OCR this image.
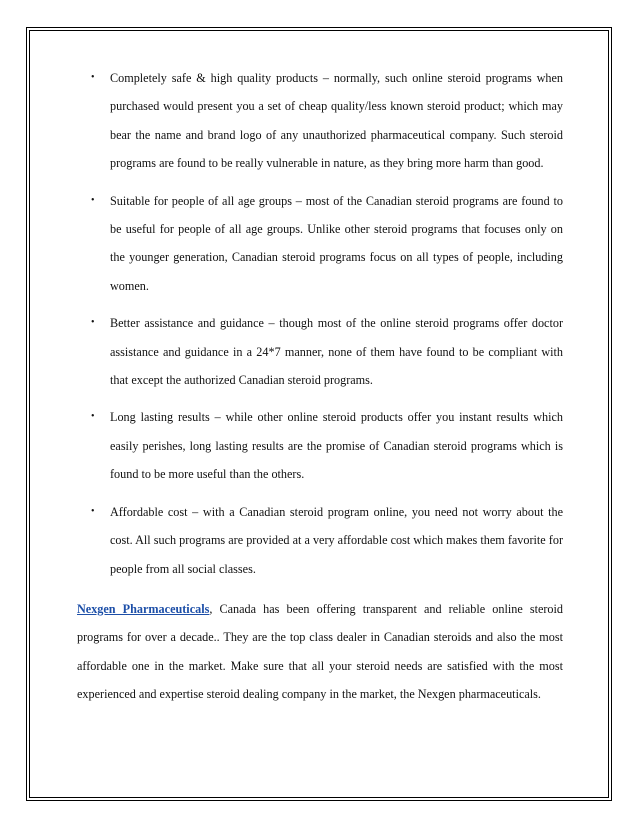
• Completely safe & high quality products – normally, such online steroid programs when purchased would present you a set of cheap quality/less known steroid product; which may bear the name and brand logo of any unauthorized pharmaceutical company. Such steroid programs are found to be really vulnerable in nature, as they bring more harm than good.
• Suitable for people of all age groups – most of the Canadian steroid programs are found to be useful for people of all age groups. Unlike other steroid programs that focuses only on the younger generation, Canadian steroid programs focus on all types of people, including women.
• Better assistance and guidance – though most of the online steroid programs offer doctor assistance and guidance in a 24*7 manner, none of them have found to be compliant with that except the authorized Canadian steroid programs.
• Long lasting results – while other online steroid products offer you instant results which easily perishes, long lasting results are the promise of Canadian steroid programs which is found to be more useful than the others.
• Affordable cost – with a Canadian steroid program online, you need not worry about the cost. All such programs are provided at a very affordable cost which makes them favorite for people from all social classes.

Nexgen Pharmaceuticals, Canada has been offering transparent and reliable online steroid programs for over a decade.. They are the top class dealer in Canadian steroids and also the most affordable one in the market. Make sure that all your steroid needs are satisfied with the most experienced and expertise steroid dealing company in the market, the Nexgen pharmaceuticals.
